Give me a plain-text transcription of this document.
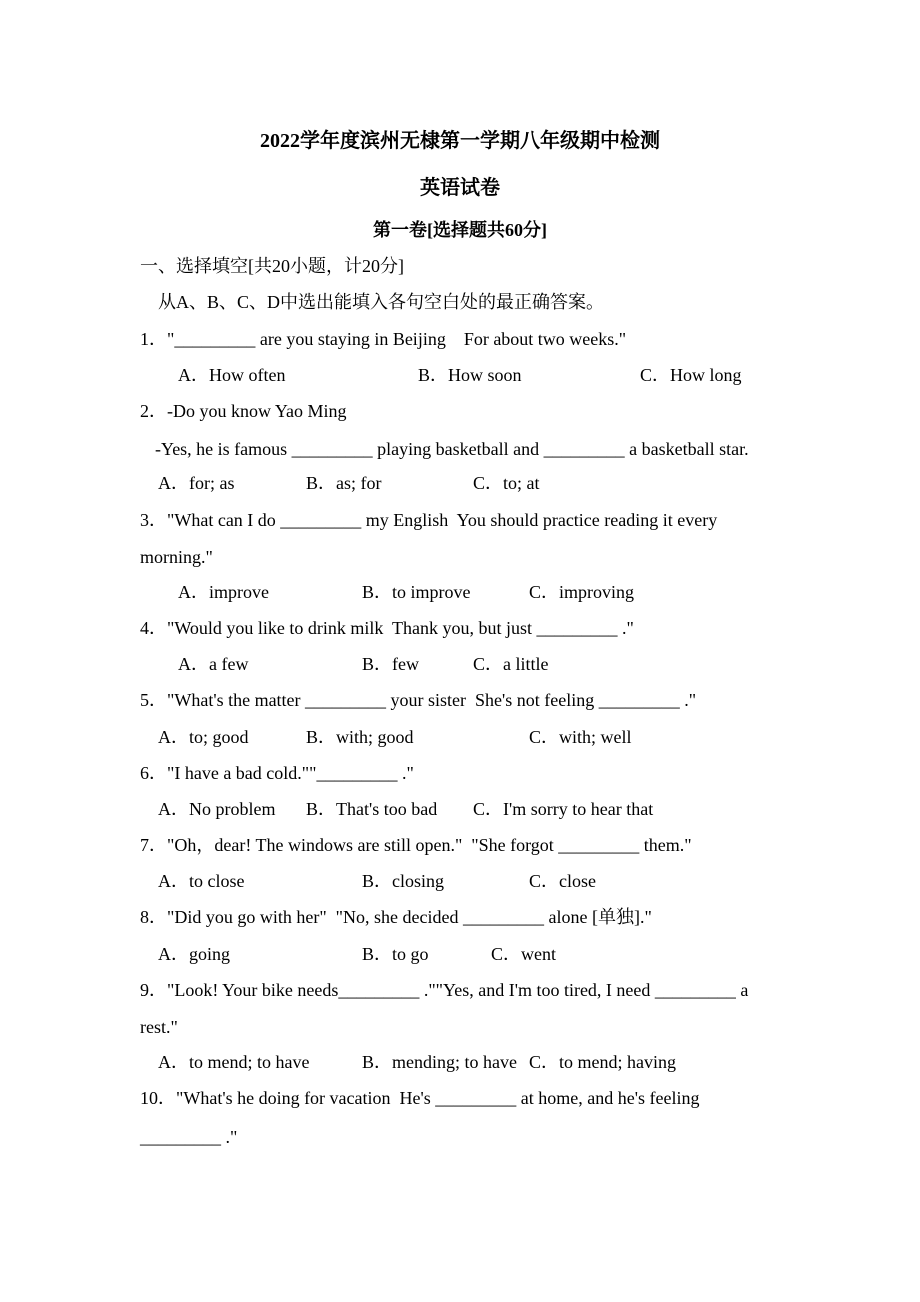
2022学年度滨州无棣第一学期八年级期中检测
英语试卷
第一卷[选择题共60分]
一、选择填空[共20小题，计20分]
从A、B、C、D中选出能填入各句空白处的最正确答案。
1．"_________ are you staying in Beijing    For about two weeks."
A．How often	B．How soon	C．How long
2．-Do you know Yao Ming
-Yes, he is famous _________ playing basketball and _________ a basketball star.
A．for; as	B．as; for	C．to; at
3．"What can I do _________ my English  You should practice reading it every
morning."
A．improve	B．to improve	C．improving
4．"Would you like to drink milk  Thank you, but just _________ ."
A．a few	B．few	C．a little
5．"What's the matter _________ your sister  She's not feeling _________ ."
A．to; good	B．with; good	C．with; well
6．"I have a bad cold.""_________ ."
A．No problem B．That's too bad C．I'm sorry to hear that
7．"Oh，dear! The windows are still open."  "She forgot _________ them."
A．to close	B．closing	C．close
8．"Did you go with her"  "No, she decided _________ alone [单独]."
A．going	B．to go	C．went
9．"Look! Your bike needs_________ .""Yes, and I'm too tired, I need _________ a
rest."
A．to mend; to have	B．mending; to have C．to mend; having
10．"What's he doing for vacation  He's _________ at home, and he's feeling
_________ ."
